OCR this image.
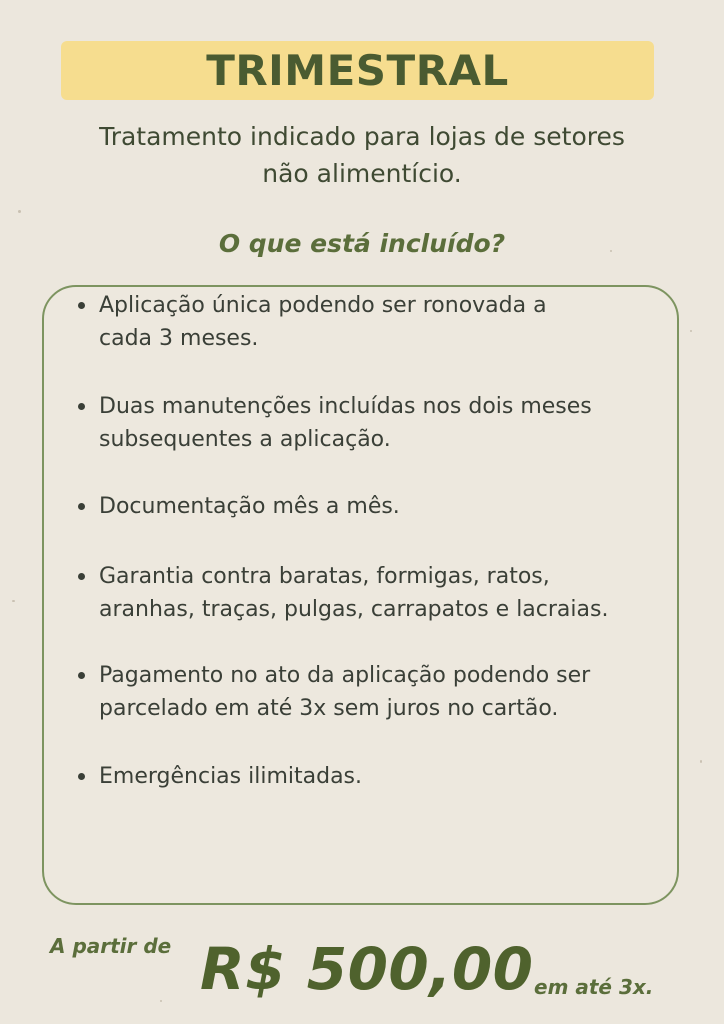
TRIMESTRAL
Tratamento indicado para lojas de setores
não alimentício.
O que está incluído?
Aplicação única podendo ser ronovada a
cada 3 meses.
Duas manutenções incluídas nos dois meses
subsequentes a aplicação.
Documentação mês a mês.
Garantia contra baratas, formigas, ratos,
aranhas, traças, pulgas, carrapatos e lacraias.
Pagamento no ato da aplicação podendo ser
parcelado em até 3x sem juros no cartão.
Emergências ilimitadas.
A partir de R$ 500,00 em até 3x.
